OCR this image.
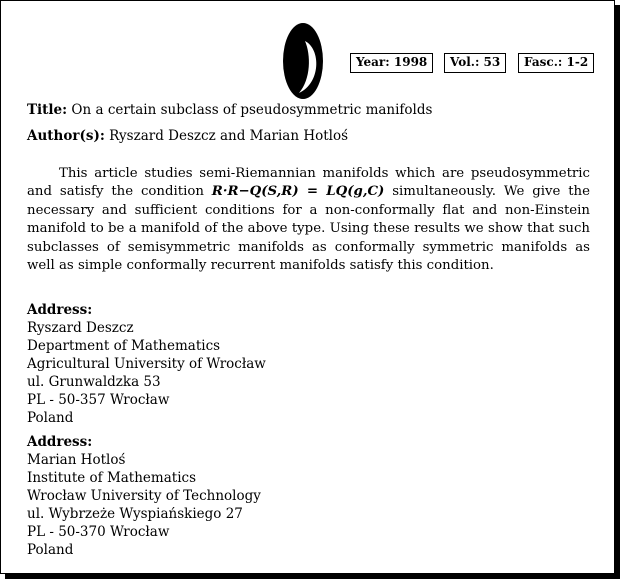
Year: 1998	Vol.: 53	Fasc.: 1-2
Title: On a certain subclass of pseudosymmetric manifolds
Author(s): Ryszard Deszcz and Marian Hotloś

This article studies semi-Riemannian manifolds which are pseudosymmetric and satisfy the condition R·R−Q(S,R) = LQ(g,C) simultaneously. We give the necessary and sufficient conditions for a non-conformally flat and non-Einstein manifold to be a manifold of the above type. Using these results we show that such subclasses of semisymmetric manifolds as conformally symmetric manifolds as well as simple conformally recurrent manifolds satisfy this condition.

Address:
Ryszard Deszcz
Department of Mathematics
Agricultural University of Wrocław
ul. Grunwaldzka 53
PL - 50-357 Wrocław
Poland
Address:
Marian Hotloś
Institute of Mathematics
Wrocław University of Technology
ul. Wybrzeże Wyspiańskiego 27
PL - 50-370 Wrocław
Poland
